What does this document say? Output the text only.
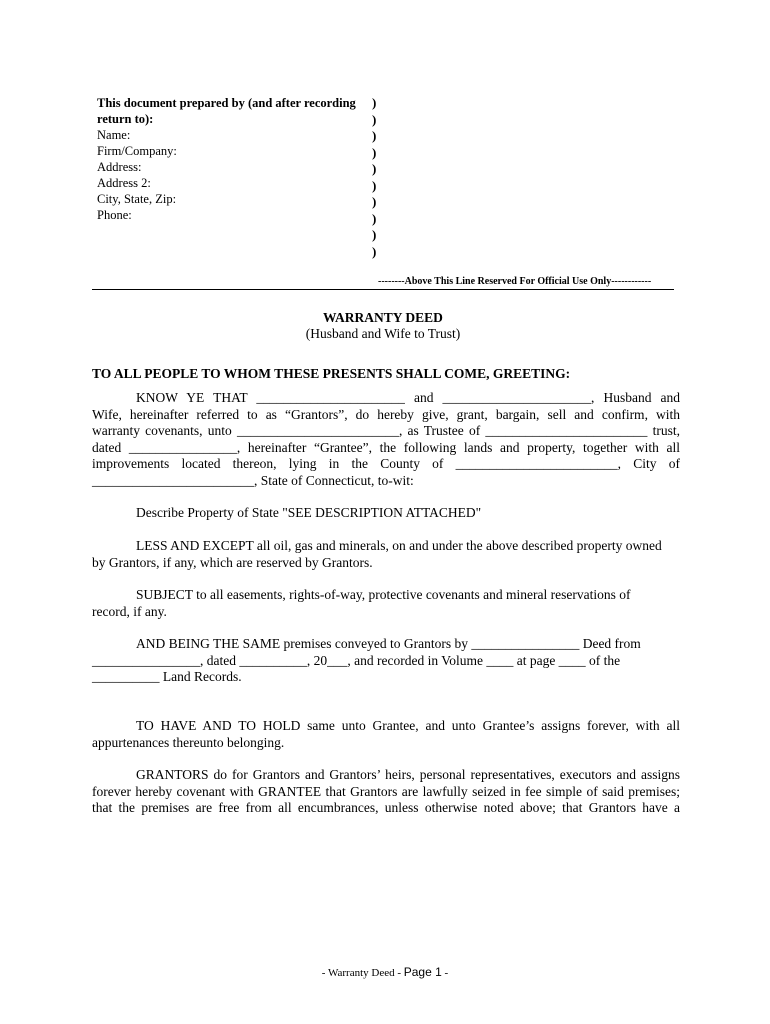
This document prepared by (and after recording
return to):
Name:
Firm/Company:
Address:
Address 2:
City, State, Zip:
Phone:
)
)
)
)
)
)
)
)
)
)
--------Above This Line Reserved For Official Use Only------------
WARRANTY DEED
(Husband and Wife to Trust)
TO ALL PEOPLE TO WHOM THESE PRESENTS SHALL COME, GREETING:
KNOW YE THAT ______________________ and ______________________, Husband and
Wife, hereinafter referred to as “Grantors”, do hereby give, grant, bargain, sell and confirm, with
warranty covenants, unto ________________________, as Trustee of ________________________ trust,
dated ________________, hereinafter “Grantee”, the following lands and property, together with all
improvements located thereon, lying in the County of ________________________, City of
________________________, State of Connecticut, to-wit:
Describe Property of State "SEE DESCRIPTION ATTACHED"
LESS AND EXCEPT all oil, gas and minerals, on and under the above described property owned
by Grantors, if any, which are reserved by Grantors.
SUBJECT to all easements, rights-of-way, protective covenants and mineral reservations of
record, if any.
AND BEING THE SAME premises conveyed to Grantors by ________________ Deed from
________________, dated __________, 20___, and recorded in Volume ____ at page ____ of the
__________ Land Records.
TO HAVE AND TO HOLD same unto Grantee, and unto Grantee’s assigns forever, with all
appurtenances thereunto belonging.
GRANTORS do for Grantors and Grantors’ heirs, personal representatives, executors and assigns
forever hereby covenant with GRANTEE that Grantors are lawfully seized in fee simple of said premises;
that the premises are free from all encumbrances, unless otherwise noted above; that Grantors have a
- Warranty Deed - Page 1 -
